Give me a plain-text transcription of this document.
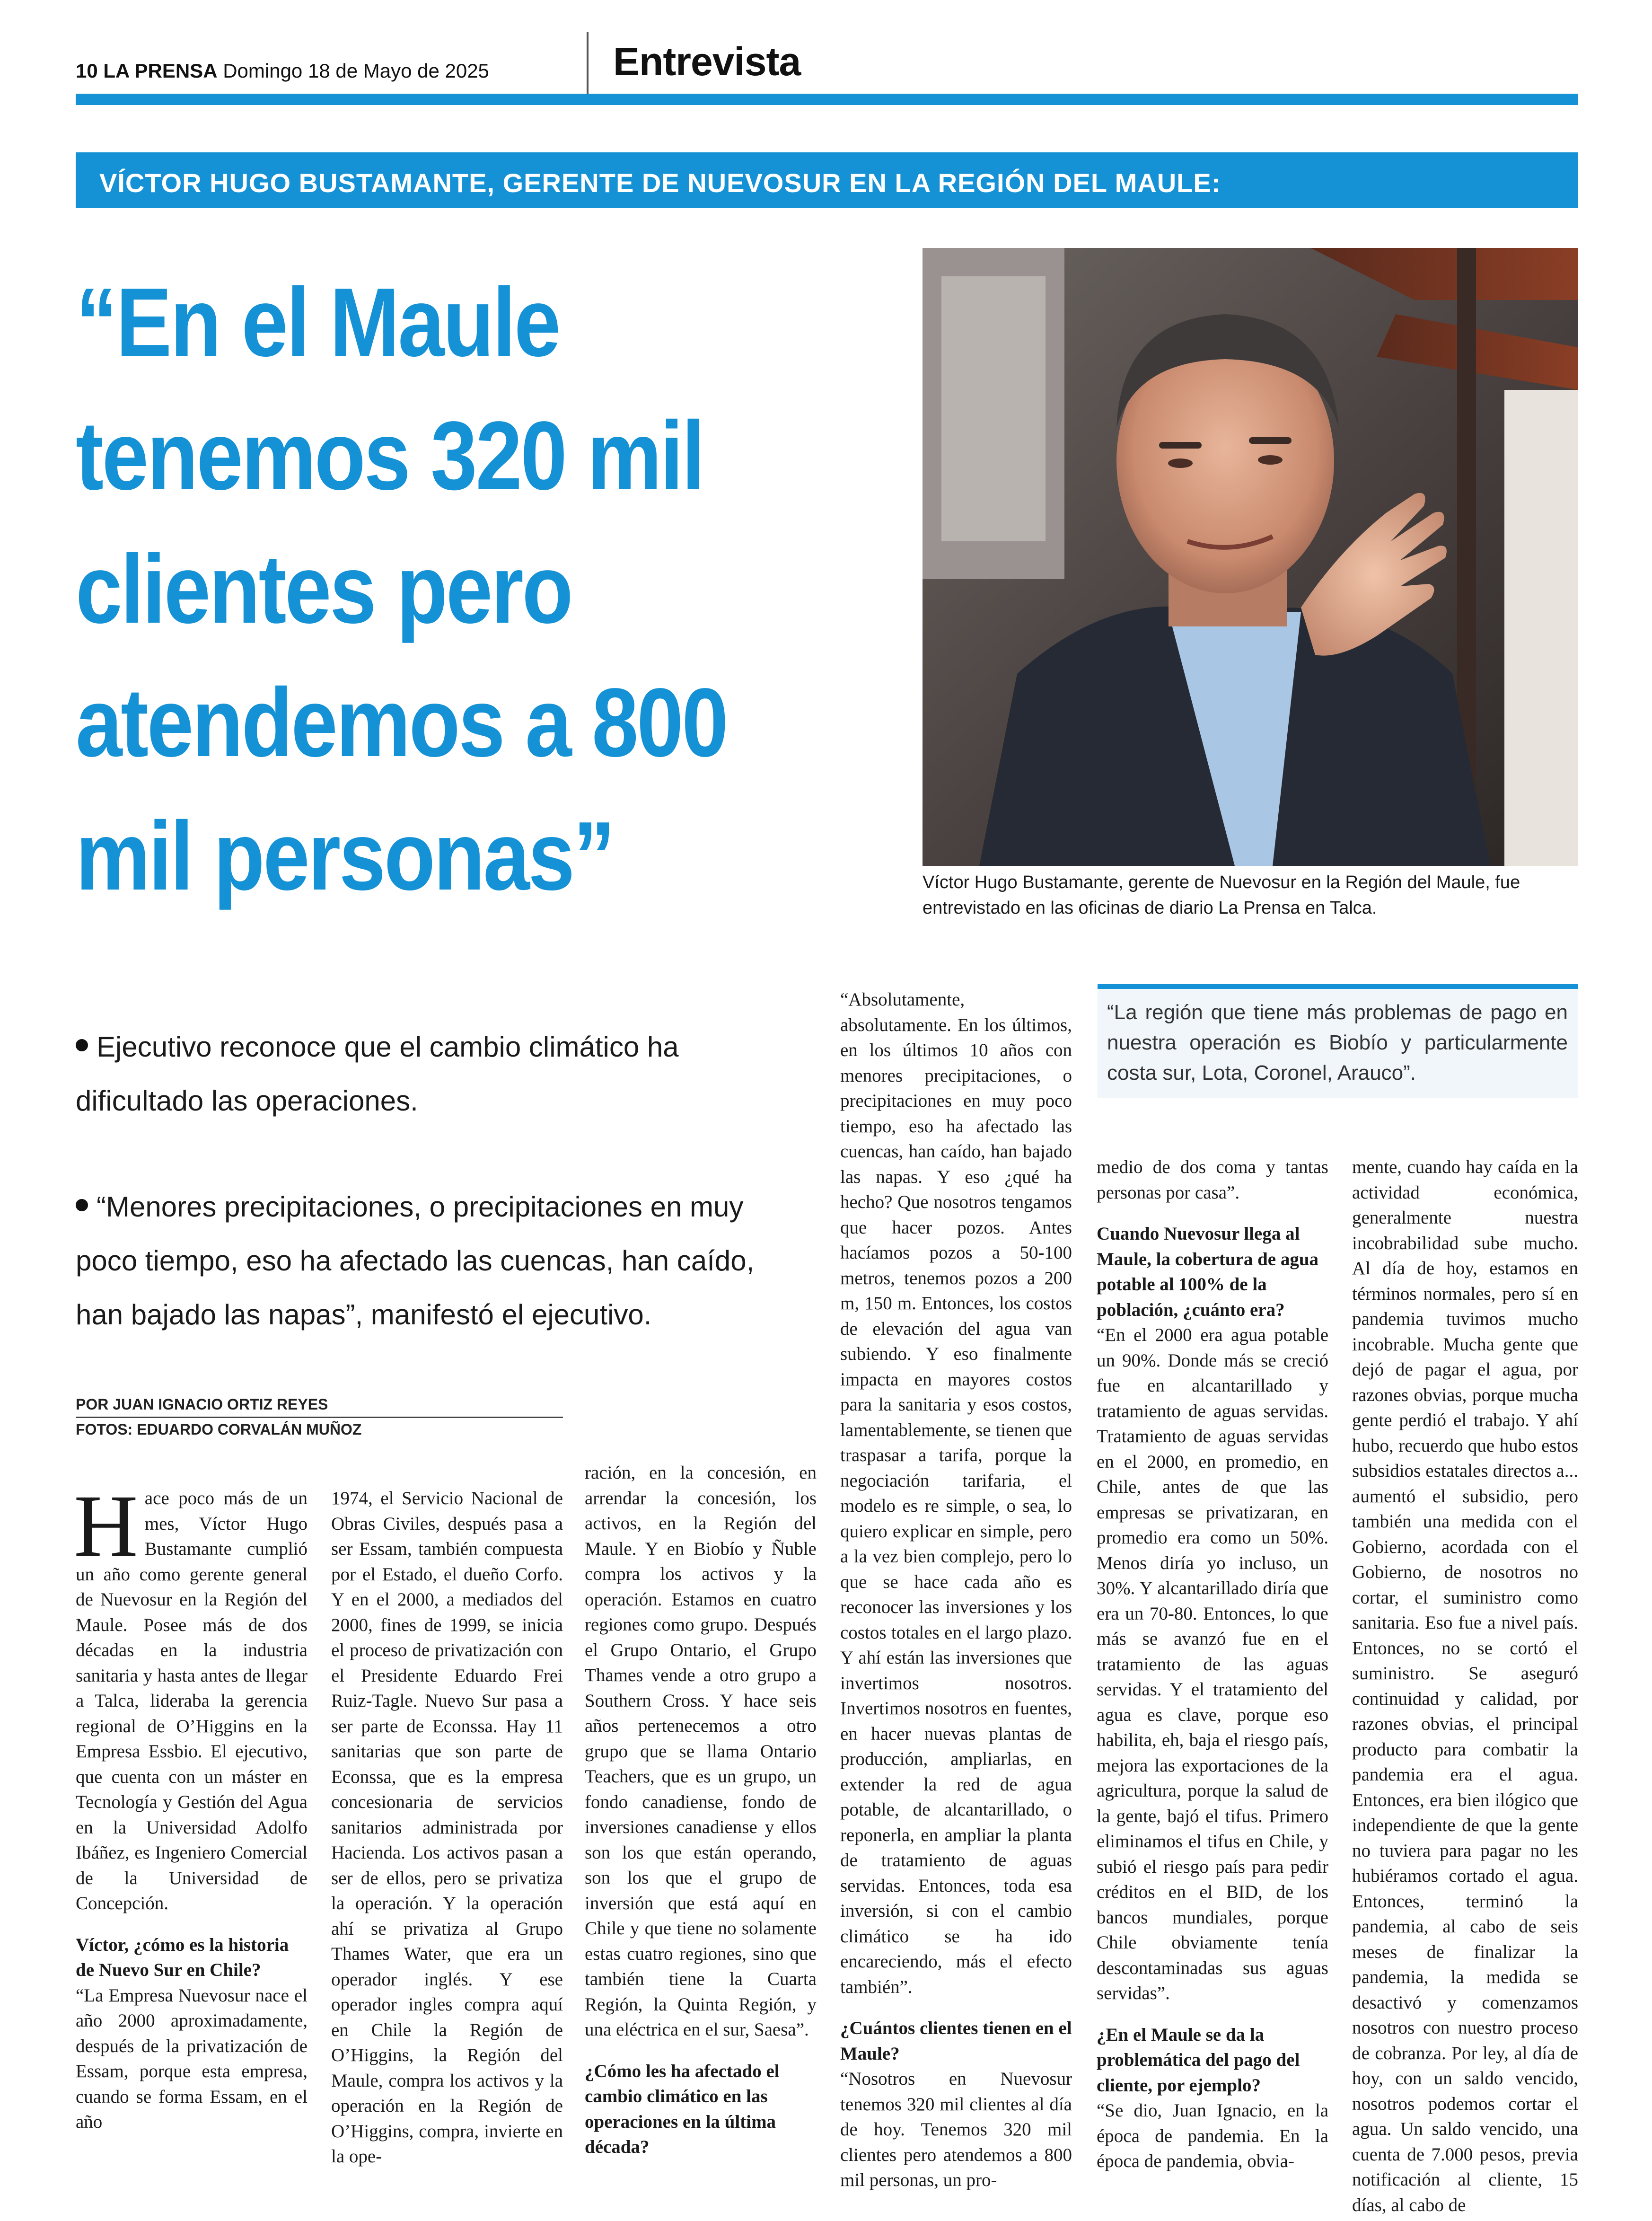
10 LA PRENSA Domingo 18 de Mayo de 2025	Entrevista
VÍCTOR HUGO BUSTAMANTE, GERENTE DE NUEVOSUR EN LA REGIÓN DEL MAULE:
“En el Maule tenemos 320 mil clientes pero atendemos a 800 mil personas”	Víctor Hugo Bustamante, gerente de Nuevosur en la Región del Maule, fue entrevistado en las oficinas de diario La Prensa en Talca.

Ejecutivo reconoce que el cambio climático ha dificultado las operaciones.

“Menores precipitaciones, o precipitaciones en muy poco tiempo, eso ha afectado las cuencas, han caído, han bajado las napas”, manifestó el ejecutivo.

POR JUAN IGNACIO ORTIZ REYES
FOTOS: EDUARDO CORVALÁN MUÑOZ
“La región que tiene más problemas de pago en nuestra operación es Biobío y particularmente costa sur, Lota, Coronel, Arauco”.

Hace poco más de un mes, Víctor Hugo Bustamante cumplió un año como gerente general de Nuevosur en la Región del Maule. Posee más de dos décadas en la industria sanitaria y hasta antes de llegar a Talca, lideraba la gerencia regional de O’Higgins en la Empresa Essbio. El ejecutivo, que cuenta con un máster en Tecnología y Gestión del Agua en la Universidad Adolfo Ibáñez, es Ingeniero Comercial de la Universidad de Concepción.

Víctor, ¿cómo es la historia de Nuevo Sur en Chile?

“La Empresa Nuevosur nace el año 2000 aproximadamente, después de la privatización de Essam, porque esta empresa, cuando se forma Essam, en el año

1974, el Servicio Nacional de Obras Civiles, después pasa a ser Essam, también compuesta por el Estado, el dueño Corfo. Y en el 2000, a mediados del 2000, fines de 1999, se inicia el proceso de privatización con el Presidente Eduardo Frei Ruiz-Tagle. Nuevo Sur pasa a ser parte de Econssa. Hay 11 sanitarias que son parte de Econssa, que es la empresa concesionaria de servicios sanitarios administrada por Hacienda. Los activos pasan a ser de ellos, pero se privatiza la operación. Y la operación ahí se privatiza al Grupo Thames Water, que era un operador inglés. Y ese operador ingles compra aquí en Chile la Región de O’Higgins, la Región del Maule, compra los activos y la operación en la Región de O’Higgins, compra, invierte en la ope-

ración, en la concesión, en arrendar la concesión, los activos, en la Región del Maule. Y en Biobío y Ñuble compra los activos y la operación. Estamos en cuatro regiones como grupo. Después el Grupo Ontario, el Grupo Thames vende a otro grupo a Southern Cross. Y hace seis años pertenecemos a otro grupo que se llama Ontario Teachers, que es un grupo, un fondo canadiense, fondo de inversiones canadiense y ellos son los que están operando, son los que el grupo de inversión que está aquí en Chile y que tiene no solamente estas cuatro regiones, sino que también tiene la Cuarta Región, la Quinta Región, y una eléctrica en el sur, Saesa”.

¿Cómo les ha afectado el cambio climático en las operaciones en la última década?

“Absolutamente, absolutamente. En los últimos, en los últimos 10 años con menores precipitaciones, o precipitaciones en muy poco tiempo, eso ha afectado las cuencas, han caído, han bajado las napas. Y eso ¿qué ha hecho? Que nosotros tengamos que hacer pozos. Antes hacíamos pozos a 50-100 metros, tenemos pozos a 200 m, 150 m. Entonces, los costos de elevación del agua van subiendo. Y eso finalmente impacta en mayores costos para la sanitaria y esos costos, lamentablemente, se tienen que traspasar a tarifa, porque la negociación tarifaria, el modelo es re simple, o sea, lo quiero explicar en simple, pero a la vez bien complejo, pero lo que se hace cada año es reconocer las inversiones y los costos totales en el largo plazo. Y ahí están las inversiones que invertimos nosotros. Invertimos nosotros en fuentes, en hacer nuevas plantas de producción, ampliarlas, en extender la red de agua potable, de alcantarillado, o reponerla, en ampliar la planta de tratamiento de aguas servidas. Entonces, toda esa inversión, si con el cambio climático se ha ido encareciendo, más el efecto también”.

¿Cuántos clientes tienen en el Maule?

“Nosotros en Nuevosur tenemos 320 mil clientes al día de hoy. Tenemos 320 mil clientes pero atendemos a 800 mil personas, un pro-

medio de dos coma y tantas personas por casa”.

Cuando Nuevosur llega al Maule, la cobertura de agua potable al 100% de la población, ¿cuánto era?

“En el 2000 era agua potable un 90%. Donde más se creció fue en alcantarillado y tratamiento de aguas servidas. Tratamiento de aguas servidas en el 2000, en promedio, en Chile, antes de que las empresas se privatizaran, en promedio era como un 50%. Menos diría yo incluso, un 30%. Y alcantarillado diría que era un 70-80. Entonces, lo que más se avanzó fue en el tratamiento de las aguas servidas. Y el tratamiento del agua es clave, porque eso habilita, eh, baja el riesgo país, mejora las exportaciones de la agricultura, porque la salud de la gente, bajó el tifus. Primero eliminamos el tifus en Chile, y subió el riesgo país para pedir créditos en el BID, de los bancos mundiales, porque Chile obviamente tenía descontaminadas sus aguas servidas”.

¿En el Maule se da la problemática del pago del cliente, por ejemplo?

“Se dio, Juan Ignacio, en la época de pandemia. En la época de pandemia, obvia-

mente, cuando hay caída en la actividad económica, generalmente nuestra incobrabilidad sube mucho. Al día de hoy, estamos en términos normales, pero sí en pandemia tuvimos mucho incobrable. Mucha gente que dejó de pagar el agua, por razones obvias, porque mucha gente perdió el trabajo. Y ahí hubo, recuerdo que hubo estos subsidios estatales directos a... aumentó el subsidio, pero también una medida con el Gobierno, acordada con el Gobierno, de nosotros no cortar, el suministro como sanitaria. Eso fue a nivel país. Entonces, no se cortó el suministro. Se aseguró continuidad y calidad, por razones obvias, el principal producto para combatir la pandemia era el agua. Entonces, era bien ilógico que independiente de que la gente no tuviera para pagar no les hubiéramos cortado el agua. Entonces, terminó la pandemia, al cabo de seis meses de finalizar la pandemia, la medida se desactivó y comenzamos nosotros con nuestro proceso de cobranza. Por ley, al día de hoy, con un saldo vencido, nosotros podemos cortar el agua. Un saldo vencido, una cuenta de 7.000 pesos, previa notificación al cliente, 15 días, al cabo de
